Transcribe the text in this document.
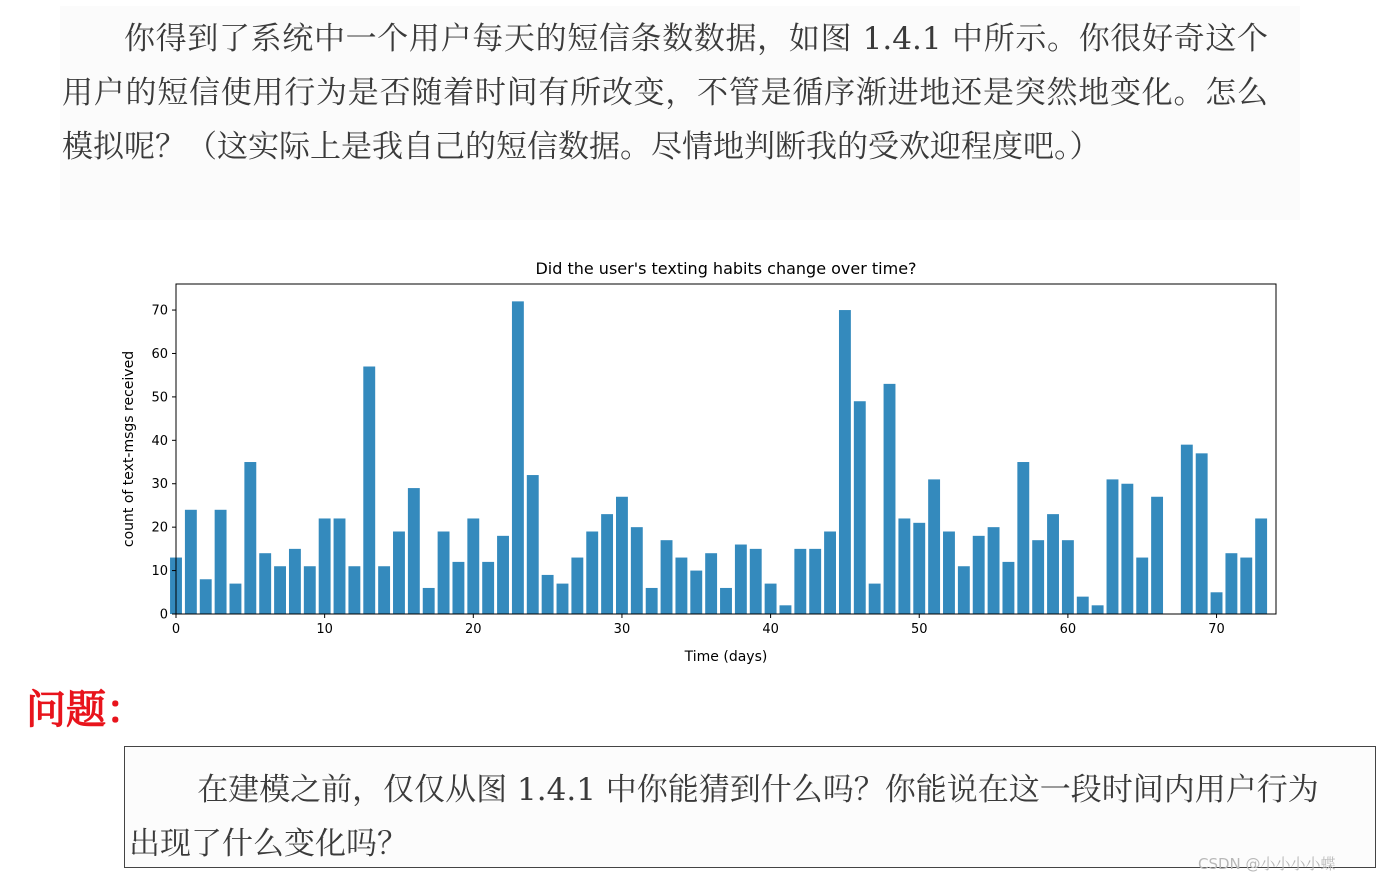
你得到了系统中一个用户每天的短信条数数据，如图 1.4.1 中所示。你很好奇这个用户的短信使用行为是否随着时间有所改变，不管是循序渐进地还是突然地变化。怎么模拟呢？（这实际上是我自己的短信数据。尽情地判断我的受欢迎程度吧。）

Did the user's texting habits change over time?
Time (days)
count of text-msgs received
0	10	20	30	40	50	60	70
0
10
20
30
40
50
60
70

问题：

在建模之前，仅仅从图 1.4.1 中你能猜到什么吗？你能说在这一段时间内用户行为出现了什么变化吗？

CSDN @小小小小蝶
